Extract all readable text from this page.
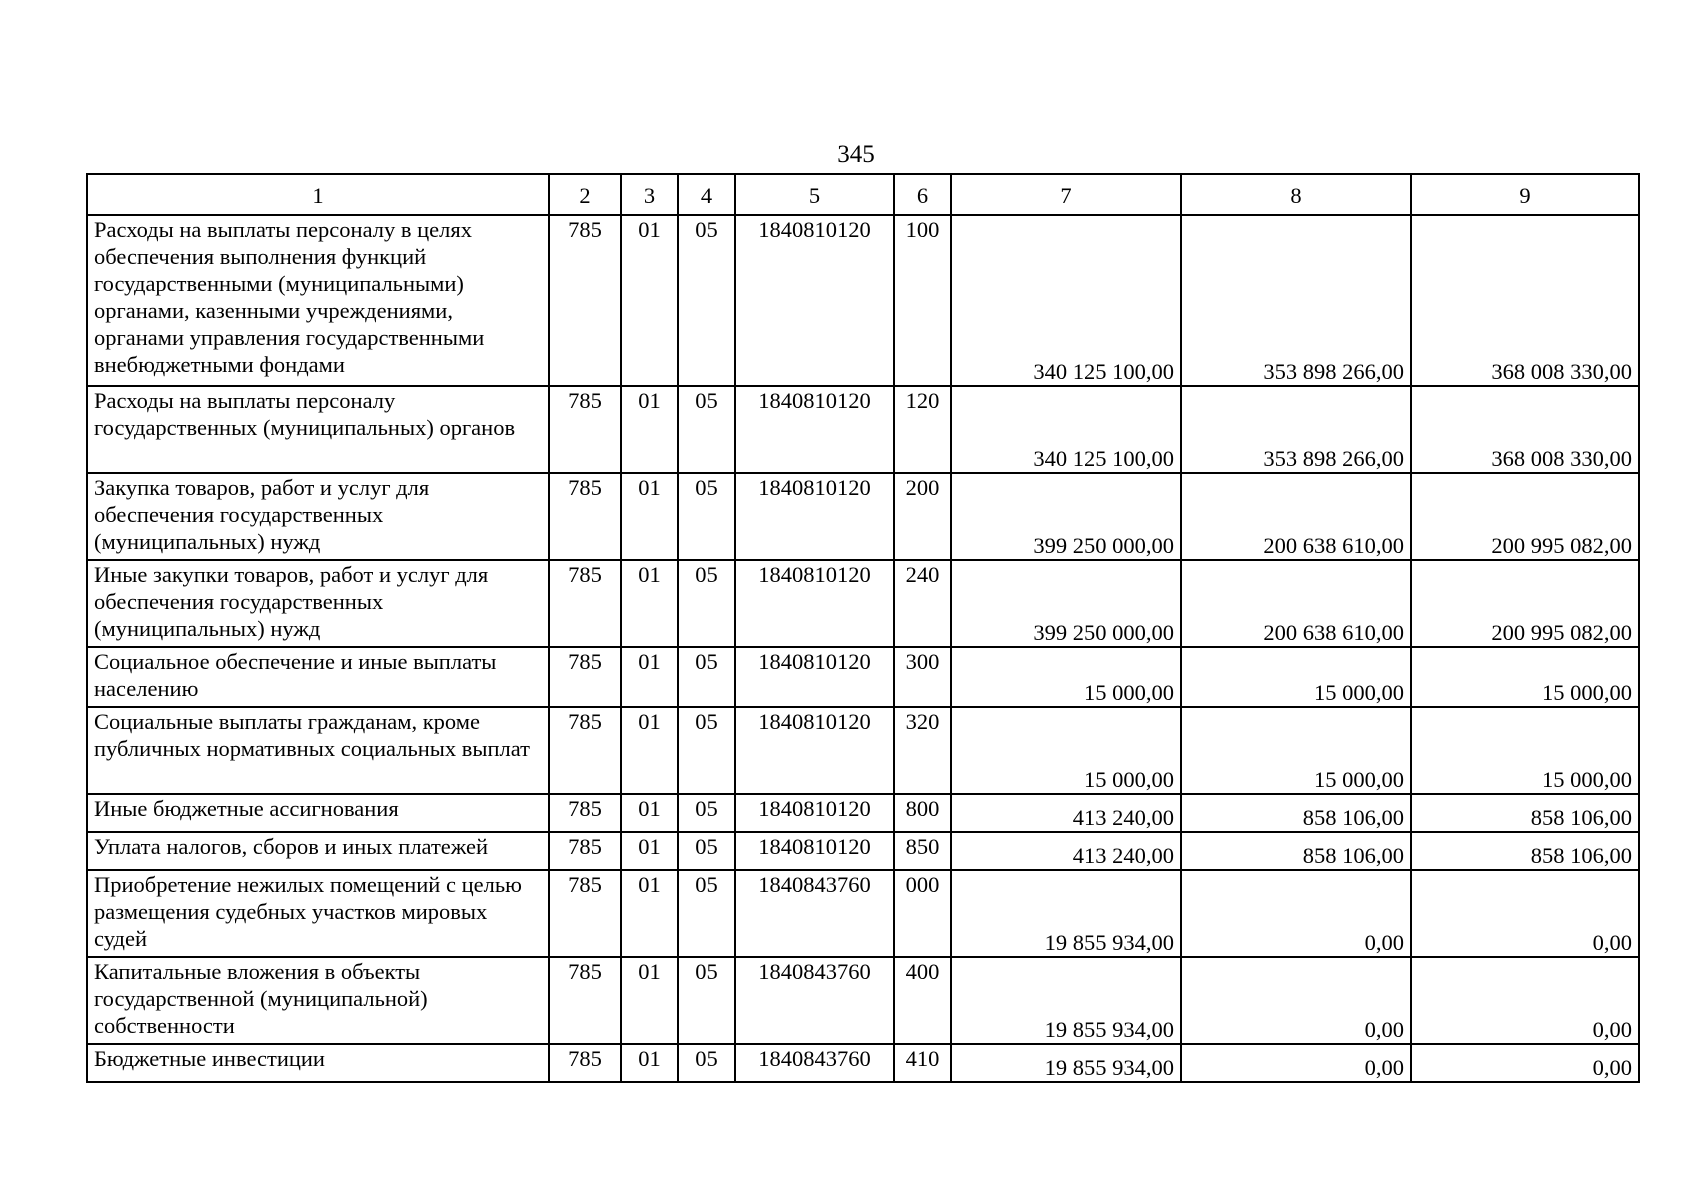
345
1	2	3	4	5	6	7	8	9
Расходы на выплаты персоналу в целях обеспечения выполнения функций государственными (муниципальными) органами, казенными учреждениями, органами управления государственными внебюджетными фондами	785	01	05	1840810120	100	340 125 100,00	353 898 266,00	368 008 330,00
Расходы на выплаты персоналу государственных (муниципальных) органов	785	01	05	1840810120	120	340 125 100,00	353 898 266,00	368 008 330,00
Закупка товаров, работ и услуг для обеспечения государственных (муниципальных) нужд	785	01	05	1840810120	200	399 250 000,00	200 638 610,00	200 995 082,00
Иные закупки товаров, работ и услуг для обеспечения государственных (муниципальных) нужд	785	01	05	1840810120	240	399 250 000,00	200 638 610,00	200 995 082,00
Социальное обеспечение и иные выплаты населению	785	01	05	1840810120	300	15 000,00	15 000,00	15 000,00
Социальные выплаты гражданам, кроме публичных нормативных социальных выплат	785	01	05	1840810120	320	15 000,00	15 000,00	15 000,00
Иные бюджетные ассигнования	785	01	05	1840810120	800	413 240,00	858 106,00	858 106,00
Уплата налогов, сборов и иных платежей	785	01	05	1840810120	850	413 240,00	858 106,00	858 106,00
Приобретение нежилых помещений с целью размещения судебных участков мировых судей	785	01	05	1840843760	000	19 855 934,00	0,00	0,00
Капитальные вложения в объекты государственной (муниципальной) собственности	785	01	05	1840843760	400	19 855 934,00	0,00	0,00
Бюджетные инвестиции	785	01	05	1840843760	410	19 855 934,00	0,00	0,00
